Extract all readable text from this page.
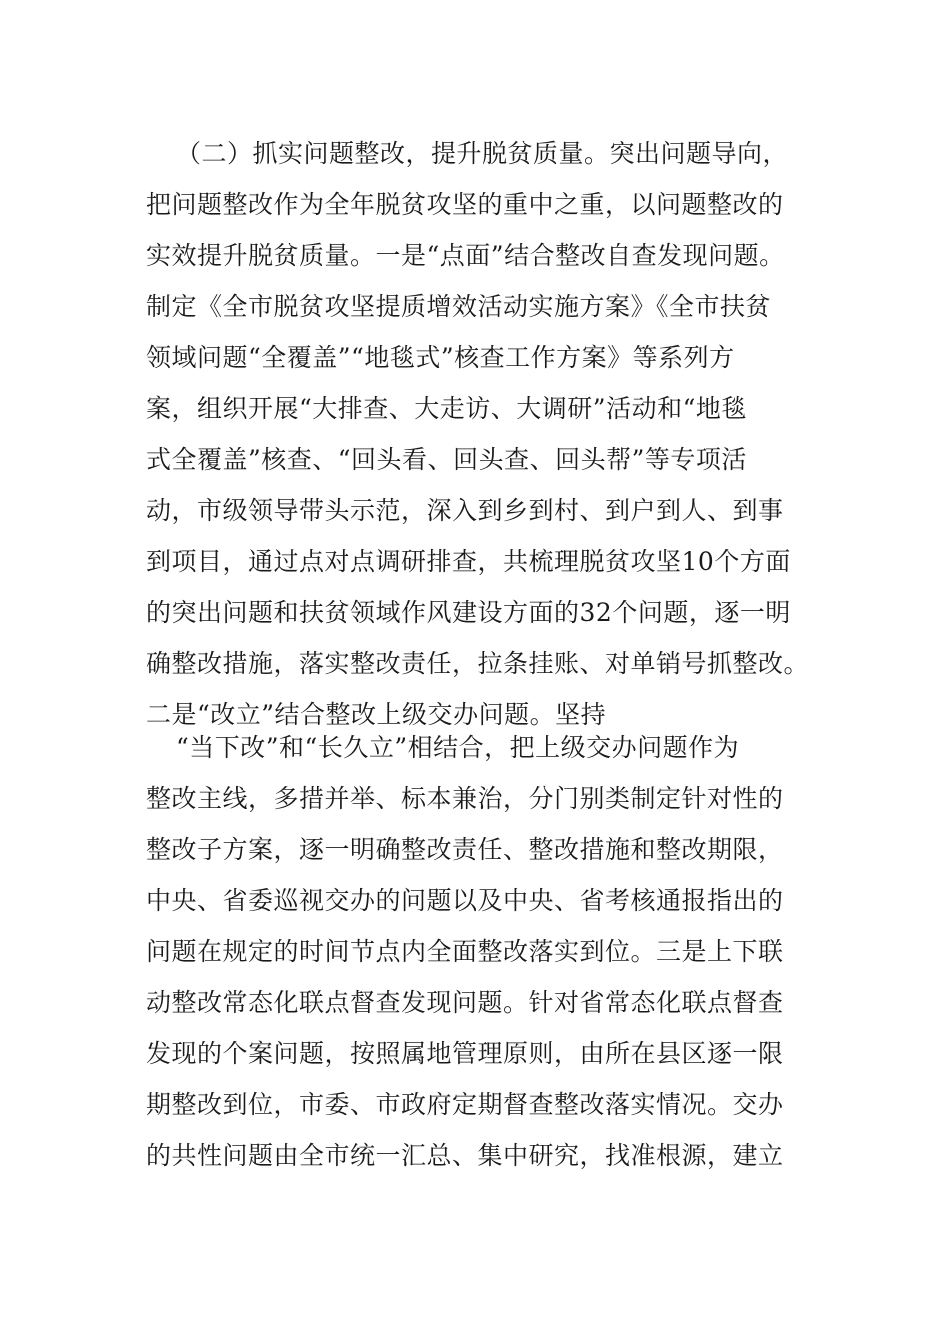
（二）抓实问题整改，提升脱贫质量。突出问题导向，
把问题整改作为全年脱贫攻坚的重中之重，以问题整改的
实效提升脱贫质量。一是“点面”结合整改自查发现问题。
制定《全市脱贫攻坚提质增效活动实施方案》《全市扶贫
领域问题“全覆盖”“地毯式”核查工作方案》等系列方
案，组织开展“大排查、大走访、大调研”活动和“地毯
式全覆盖”核查、“回头看、回头查、回头帮”等专项活
动，市级领导带头示范，深入到乡到村、到户到人、到事
到项目，通过点对点调研排查，共梳理脱贫攻坚10个方面
的突出问题和扶贫领域作风建设方面的32个问题，逐一明
确整改措施，落实整改责任，拉条挂账、对单销号抓整改。
二是“改立”结合整改上级交办问题。坚持
“当下改”和“长久立”相结合，把上级交办问题作为
整改主线，多措并举、标本兼治，分门别类制定针对性的
整改子方案，逐一明确整改责任、整改措施和整改期限，
中央、省委巡视交办的问题以及中央、省考核通报指出的
问题在规定的时间节点内全面整改落实到位。三是上下联
动整改常态化联点督查发现问题。针对省常态化联点督查
发现的个案问题，按照属地管理原则，由所在县区逐一限
期整改到位，市委、市政府定期督查整改落实情况。交办
的共性问题由全市统一汇总、集中研究，找准根源，建立
